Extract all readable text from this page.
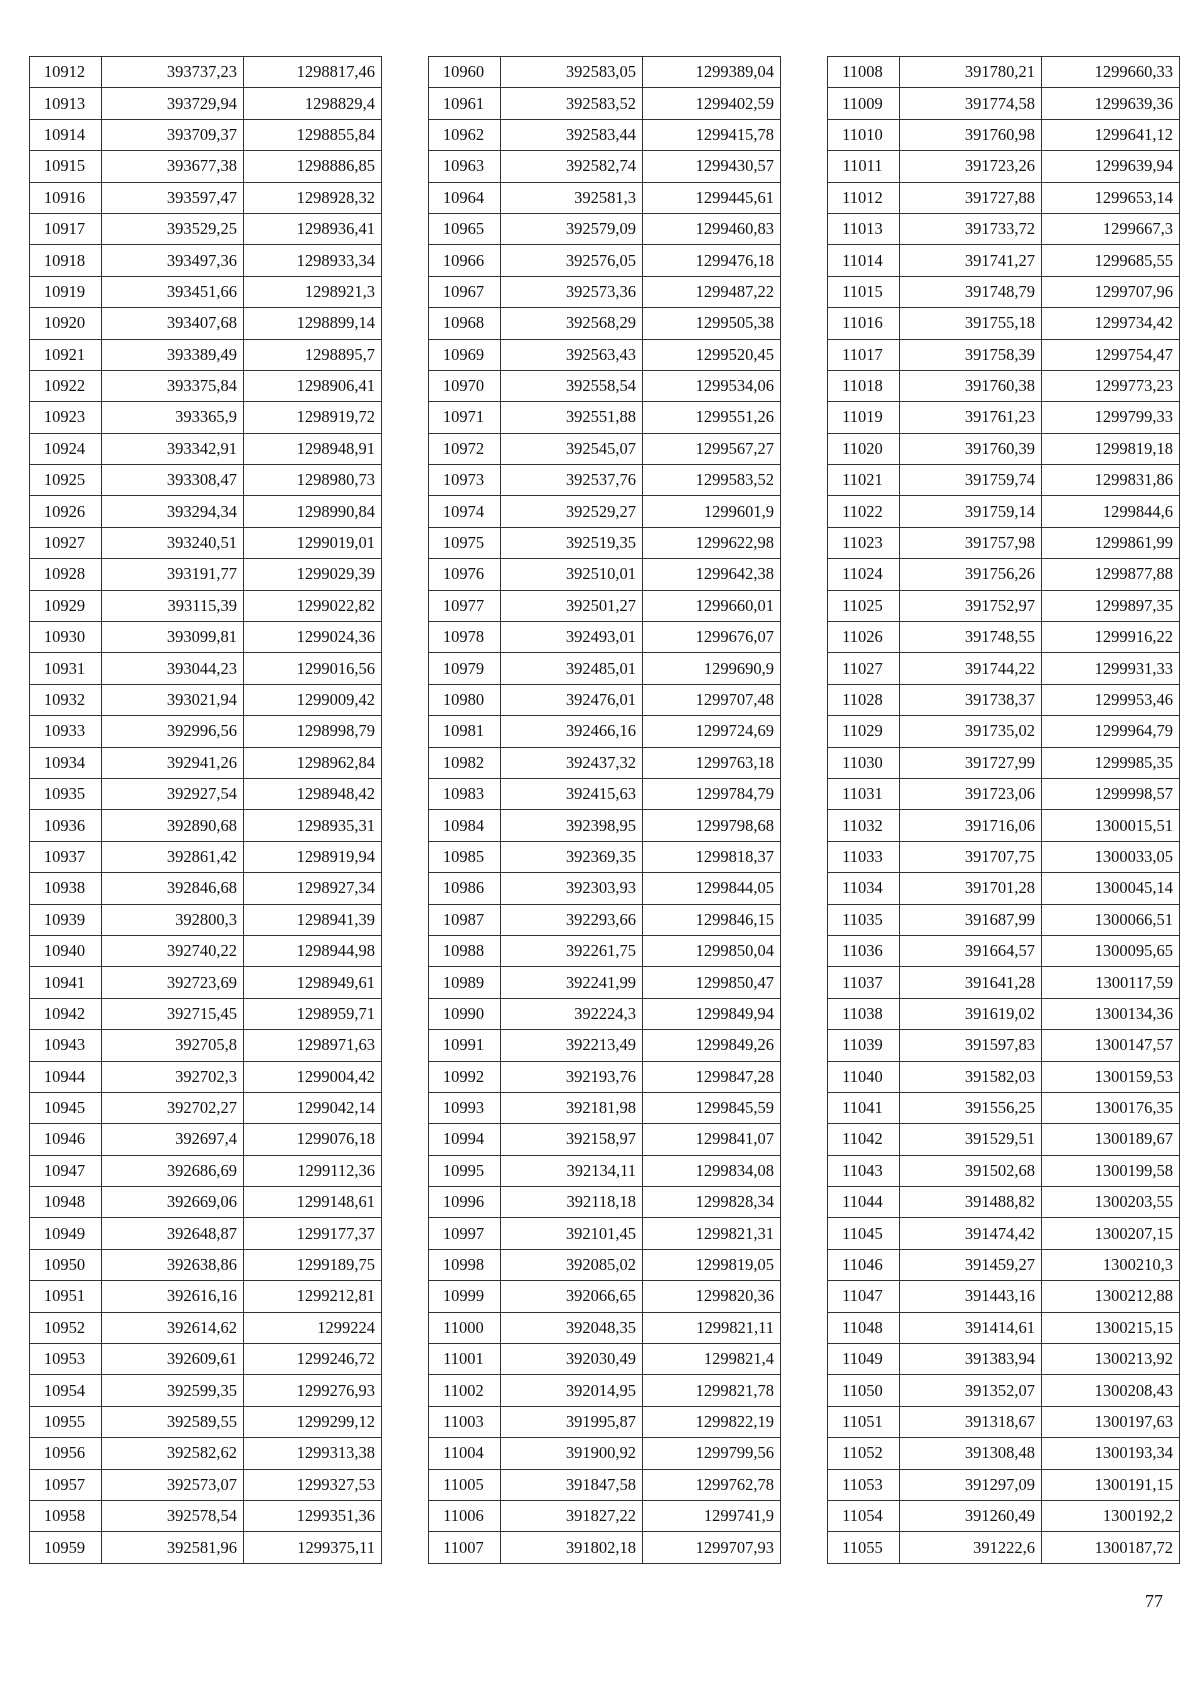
10912	393737,23	1298817,46
10913	393729,94	1298829,4
10914	393709,37	1298855,84
10915	393677,38	1298886,85
10916	393597,47	1298928,32
10917	393529,25	1298936,41
10918	393497,36	1298933,34
10919	393451,66	1298921,3
10920	393407,68	1298899,14
10921	393389,49	1298895,7
10922	393375,84	1298906,41
10923	393365,9	1298919,72
10924	393342,91	1298948,91
10925	393308,47	1298980,73
10926	393294,34	1298990,84
10927	393240,51	1299019,01
10928	393191,77	1299029,39
10929	393115,39	1299022,82
10930	393099,81	1299024,36
10931	393044,23	1299016,56
10932	393021,94	1299009,42
10933	392996,56	1298998,79
10934	392941,26	1298962,84
10935	392927,54	1298948,42
10936	392890,68	1298935,31
10937	392861,42	1298919,94
10938	392846,68	1298927,34
10939	392800,3	1298941,39
10940	392740,22	1298944,98
10941	392723,69	1298949,61
10942	392715,45	1298959,71
10943	392705,8	1298971,63
10944	392702,3	1299004,42
10945	392702,27	1299042,14
10946	392697,4	1299076,18
10947	392686,69	1299112,36
10948	392669,06	1299148,61
10949	392648,87	1299177,37
10950	392638,86	1299189,75
10951	392616,16	1299212,81
10952	392614,62	1299224
10953	392609,61	1299246,72
10954	392599,35	1299276,93
10955	392589,55	1299299,12
10956	392582,62	1299313,38
10957	392573,07	1299327,53
10958	392578,54	1299351,36
10959	392581,96	1299375,11
10960	392583,05	1299389,04
10961	392583,52	1299402,59
10962	392583,44	1299415,78
10963	392582,74	1299430,57
10964	392581,3	1299445,61
10965	392579,09	1299460,83
10966	392576,05	1299476,18
10967	392573,36	1299487,22
10968	392568,29	1299505,38
10969	392563,43	1299520,45
10970	392558,54	1299534,06
10971	392551,88	1299551,26
10972	392545,07	1299567,27
10973	392537,76	1299583,52
10974	392529,27	1299601,9
10975	392519,35	1299622,98
10976	392510,01	1299642,38
10977	392501,27	1299660,01
10978	392493,01	1299676,07
10979	392485,01	1299690,9
10980	392476,01	1299707,48
10981	392466,16	1299724,69
10982	392437,32	1299763,18
10983	392415,63	1299784,79
10984	392398,95	1299798,68
10985	392369,35	1299818,37
10986	392303,93	1299844,05
10987	392293,66	1299846,15
10988	392261,75	1299850,04
10989	392241,99	1299850,47
10990	392224,3	1299849,94
10991	392213,49	1299849,26
10992	392193,76	1299847,28
10993	392181,98	1299845,59
10994	392158,97	1299841,07
10995	392134,11	1299834,08
10996	392118,18	1299828,34
10997	392101,45	1299821,31
10998	392085,02	1299819,05
10999	392066,65	1299820,36
11000	392048,35	1299821,11
11001	392030,49	1299821,4
11002	392014,95	1299821,78
11003	391995,87	1299822,19
11004	391900,92	1299799,56
11005	391847,58	1299762,78
11006	391827,22	1299741,9
11007	391802,18	1299707,93
11008	391780,21	1299660,33
11009	391774,58	1299639,36
11010	391760,98	1299641,12
11011	391723,26	1299639,94
11012	391727,88	1299653,14
11013	391733,72	1299667,3
11014	391741,27	1299685,55
11015	391748,79	1299707,96
11016	391755,18	1299734,42
11017	391758,39	1299754,47
11018	391760,38	1299773,23
11019	391761,23	1299799,33
11020	391760,39	1299819,18
11021	391759,74	1299831,86
11022	391759,14	1299844,6
11023	391757,98	1299861,99
11024	391756,26	1299877,88
11025	391752,97	1299897,35
11026	391748,55	1299916,22
11027	391744,22	1299931,33
11028	391738,37	1299953,46
11029	391735,02	1299964,79
11030	391727,99	1299985,35
11031	391723,06	1299998,57
11032	391716,06	1300015,51
11033	391707,75	1300033,05
11034	391701,28	1300045,14
11035	391687,99	1300066,51
11036	391664,57	1300095,65
11037	391641,28	1300117,59
11038	391619,02	1300134,36
11039	391597,83	1300147,57
11040	391582,03	1300159,53
11041	391556,25	1300176,35
11042	391529,51	1300189,67
11043	391502,68	1300199,58
11044	391488,82	1300203,55
11045	391474,42	1300207,15
11046	391459,27	1300210,3
11047	391443,16	1300212,88
11048	391414,61	1300215,15
11049	391383,94	1300213,92
11050	391352,07	1300208,43
11051	391318,67	1300197,63
11052	391308,48	1300193,34
11053	391297,09	1300191,15
11054	391260,49	1300192,2
11055	391222,6	1300187,72
77
